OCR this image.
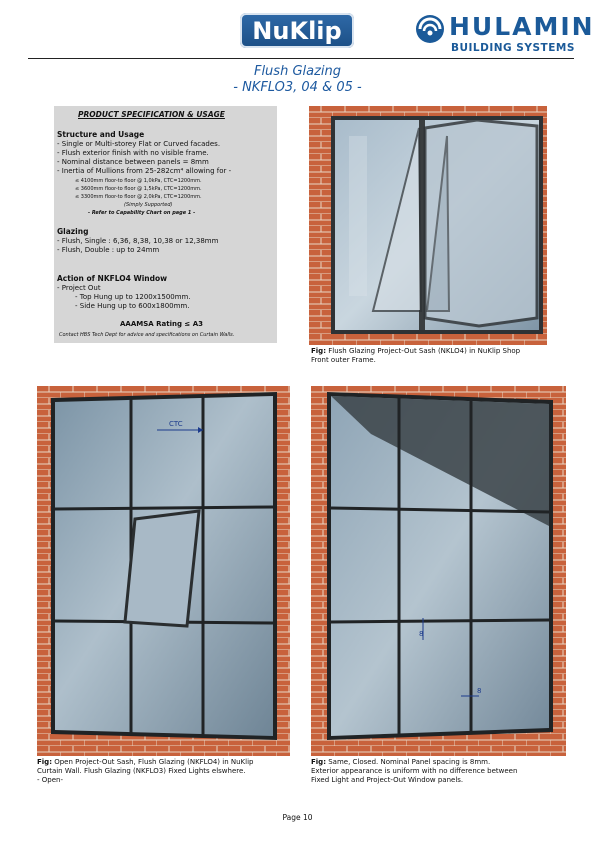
NuKlip	HULAMIN
BUILDING SYSTEMS
Flush Glazing
- NKFLO3, 04 & 05 -
PRODUCT SPECIFICATION & USAGE
Structure and Usage
- Single or Multi-storey Flat or Curved facades.
- Flush exterior finish with no visible frame.
- Nominal distance between panels = 8mm
- Inertia of Mullions from 25-282cm⁴ allowing for -
≤ 4100mm floor-to floor @ 1,0kPa, CTC=1200mm.
≤ 3600mm floor-to floor @ 1,5kPa, CTC=1200mm.
≤ 3300mm floor-to floor @ 2,0kPa, CTC=1200mm.
(Simply Supported)
- Refer to Capability Chart on page 1 -
Glazing
- Flush, Single : 6,36, 8,38, 10,38 or 12,38mm
- Flush, Double : up to 24mm
Action of NKFLO4 Window
- Project Out
- Top Hung up to 1200x1500mm.
- Side Hung up to 600x1800mm.
AAAMSA Rating ≤ A3
Contact HBS Tech Dept for advice and specifications on Curtain Walls.
Fig: Flush Glazing Project-Out Sash (NKLO4) in NuKlip Shop
Front outer Frame.
CTC
Fig: Open Project-Out Sash, Flush Glazing (NKFLO4) in NuKlip
Curtain Wall. Flush Glazing (NKFLO3) Fixed Lights elswhere.
- Open-
8
8
Fig: Same, Closed. Nominal Panel spacing is 8mm.
Exterior appearance is uniform with no difference between
Fixed Light and Project-Out Window panels.
Page 10
